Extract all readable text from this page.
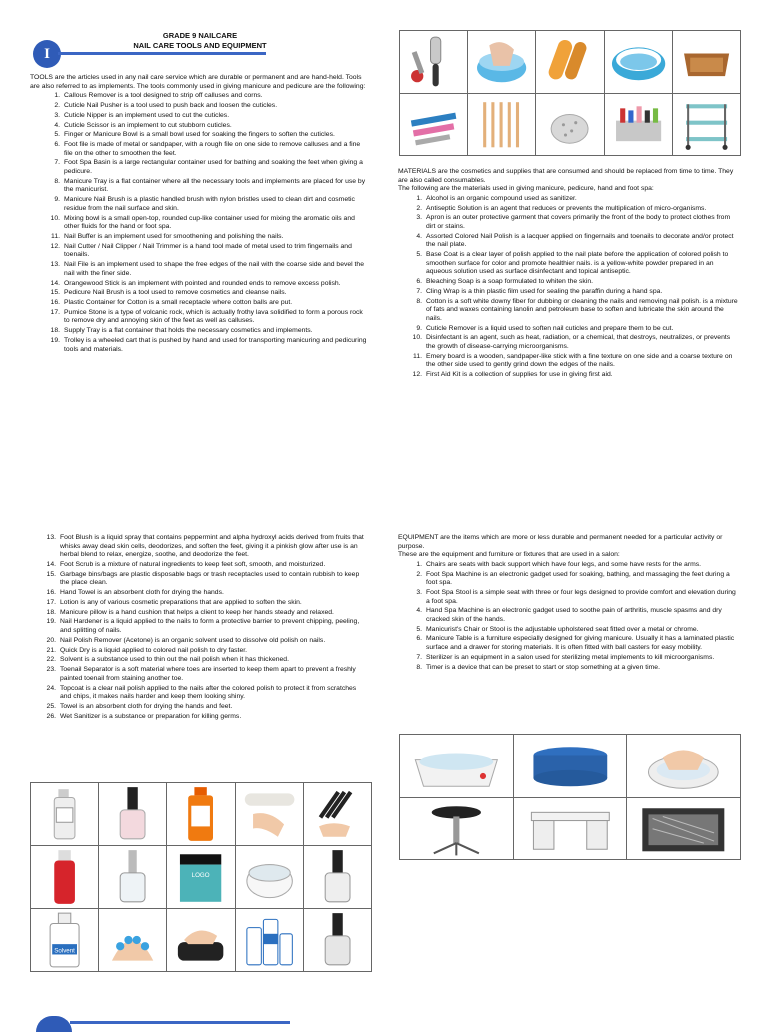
I
GRADE 9 NAILCARE
NAIL CARE TOOLS AND EQUIPMENT

TOOLS are the articles used in any nail care service which are durable or permanent and are hand-held. Tools are also referred to as implements. The tools commonly used in giving manicure and pedicure are the following:

1. Callous Remover is a tool designed to strip off calluses and corns.
2. Cuticle Nail Pusher is a tool used to push back and loosen the cuticles.
3. Cuticle Nipper is an implement used to cut the cuticles.
4. Cuticle Scissor is an implement to cut stubborn cuticles.
5. Finger or Manicure Bowl is a small bowl used for soaking the fingers to soften the cuticles.
6. Foot file is made of metal or sandpaper, with a rough file on one side to remove calluses and a fine file on the other to smoothen the feet.
7. Foot Spa Basin is a large rectangular container used for bathing and soaking the feet when giving a pedicure.
8. Manicure Tray is a flat container where all the necessary tools and implements are placed for use by the manicurist.
9. Manicure Nail Brush is a plastic handled brush with nylon bristles used to clean dirt and cosmetic residue from the nail surface and skin.
10. Mixing bowl is a small open-top, rounded cup-like container used for mixing the aromatic oils and other fluids for the hand or foot spa.
11. Nail Buffer is an implement used for smoothening and polishing the nails.
12. Nail Cutter / Nail Clipper / Nail Trimmer is a hand tool made of metal used to trim fingernails and toenails.
13. Nail File is an implement used to shape the free edges of the nail with the coarse side and bevel the nail with the finer side.
14. Orangewood Stick is an implement with pointed and rounded ends to remove excess polish.
15. Pedicure Nail Brush is a tool used to remove cosmetics and cleanse nails.
16. Plastic Container for Cotton is a small receptacle where cotton balls are put.
17. Pumice Stone is a type of volcanic rock, which is actually frothy lava solidified to form a porous rock to remove dry and annoying skin of the feet as well as calluses.
18. Supply Tray is a flat container that holds the necessary cosmetics and implements.
19. Trolley is a wheeled cart that is pushed by hand and used for transporting manicuring and pedicuring tools and materials.

MATERIALS are the cosmetics and supplies that are consumed and should be replaced from time to time. They are also called consumables.

The following are the materials used in giving manicure, pedicure, hand and foot spa:

1. Alcohol is an organic compound used as sanitizer.
2. Antiseptic Solution is an agent that reduces or prevents the multiplication of micro-organisms.
3. Apron is an outer protective garment that covers primarily the front of the body to protect clothes from dirt or stains.
4. Assorted Colored Nail Polish is a lacquer applied on fingernails and toenails to decorate and/or protect the nail plate.
5. Base Coat is a clear layer of polish applied to the nail plate before the application of colored polish to smoothen surface for color and promote healthier nails. is a yellow-white powder prepared in an aqueous solution used as surface disinfectant and topical antiseptic.
6. Bleaching Soap is a soap formulated to whiten the skin.
7. Cling Wrap is a thin plastic film used for sealing the paraffin during a hand spa.
8. Cotton is a soft white downy fiber for dubbing or cleaning the nails and removing nail polish. is a mixture of fats and waxes containing lanolin and petroleum base to soften and lubricate the skin around the nails.
9. Cuticle Remover is a liquid used to soften nail cuticles and prepare them to be cut.
10. Disinfectant is an agent, such as heat, radiation, or a chemical, that destroys, neutralizes, or prevents the growth of disease-carrying microorganisms.
11. Emery board is a wooden, sandpaper-like stick with a fine texture on one side and a coarse texture on the other side used to gently grind down the edges of the nails.
12. First Aid Kit is a collection of supplies for use in giving first aid.
13. Foot Blush is a liquid spray that contains peppermint and alpha hydroxyl acids derived from fruits that whisks away dead skin cells, deodorizes, and soften the feet, giving it a pinkish glow after use is an herbal blend to relax, energize, soothe, and deodorize the feet.
14. Foot Scrub is a mixture of natural ingredients to keep feet soft, smooth, and moisturized.
15. Garbage bins/bags are plastic disposable bags or trash receptacles used to contain rubbish to keep the place clean.
16. Hand Towel is an absorbent cloth for drying the hands.
17. Lotion is any of various cosmetic preparations that are applied to soften the skin.
18. Manicure pillow is a hand cushion that helps a client to keep her hands steady and relaxed.
19. Nail Hardener is a liquid applied to the nails to form a protective barrier to prevent chipping, peeling, and splitting of nails.
20. Nail Polish Remover (Acetone) is an organic solvent used to dissolve old polish on nails.
21. Quick Dry is a liquid applied to colored nail polish to dry faster.
22. Solvent is a substance used to thin out the nail polish when it has thickened.
23. Toenail Separator is a soft material where toes are inserted to keep them apart to prevent a freshly painted toenail from staining another toe.
24. Topcoat is a clear nail polish applied to the nails after the colored polish to protect it from scratches and chips, it makes nails harder and keep them looking shiny.
25. Towel is an absorbent cloth for drying the hands and feet.
26. Wet Sanitizer is a substance or preparation for killing germs.
LOGO
Solvent

EQUIPMENT are the items which are more or less durable and permanent needed for a particular activity or purpose.

These are the equipment and furniture or fixtures that are used in a salon:

1. Chairs are seats with back support which have four legs, and some have rests for the arms.
2. Foot Spa Machine is an electronic gadget used for soaking, bathing, and massaging the feet during a foot spa.
3. Foot Spa Stool is a simple seat with three or four legs designed to provide comfort and elevation during a foot spa.
4. Hand Spa Machine is an electronic gadget used to soothe pain of arthritis, muscle spasms and dry cracked skin of the hands.
5. Manicurist's Chair or Stool is the adjustable upholstered seat fitted over a metal or chrome.
6. Manicure Table is a furniture especially designed for giving manicure. Usually it has a laminated plastic surface and a drawer for storing materials. It is often fitted with ball casters for easy mobility.
7. Sterilizer is an equipment in a salon used for sterilizing metal implements to kill microorganisms.
8. Timer is a device that can be preset to start or stop something at a given time.
